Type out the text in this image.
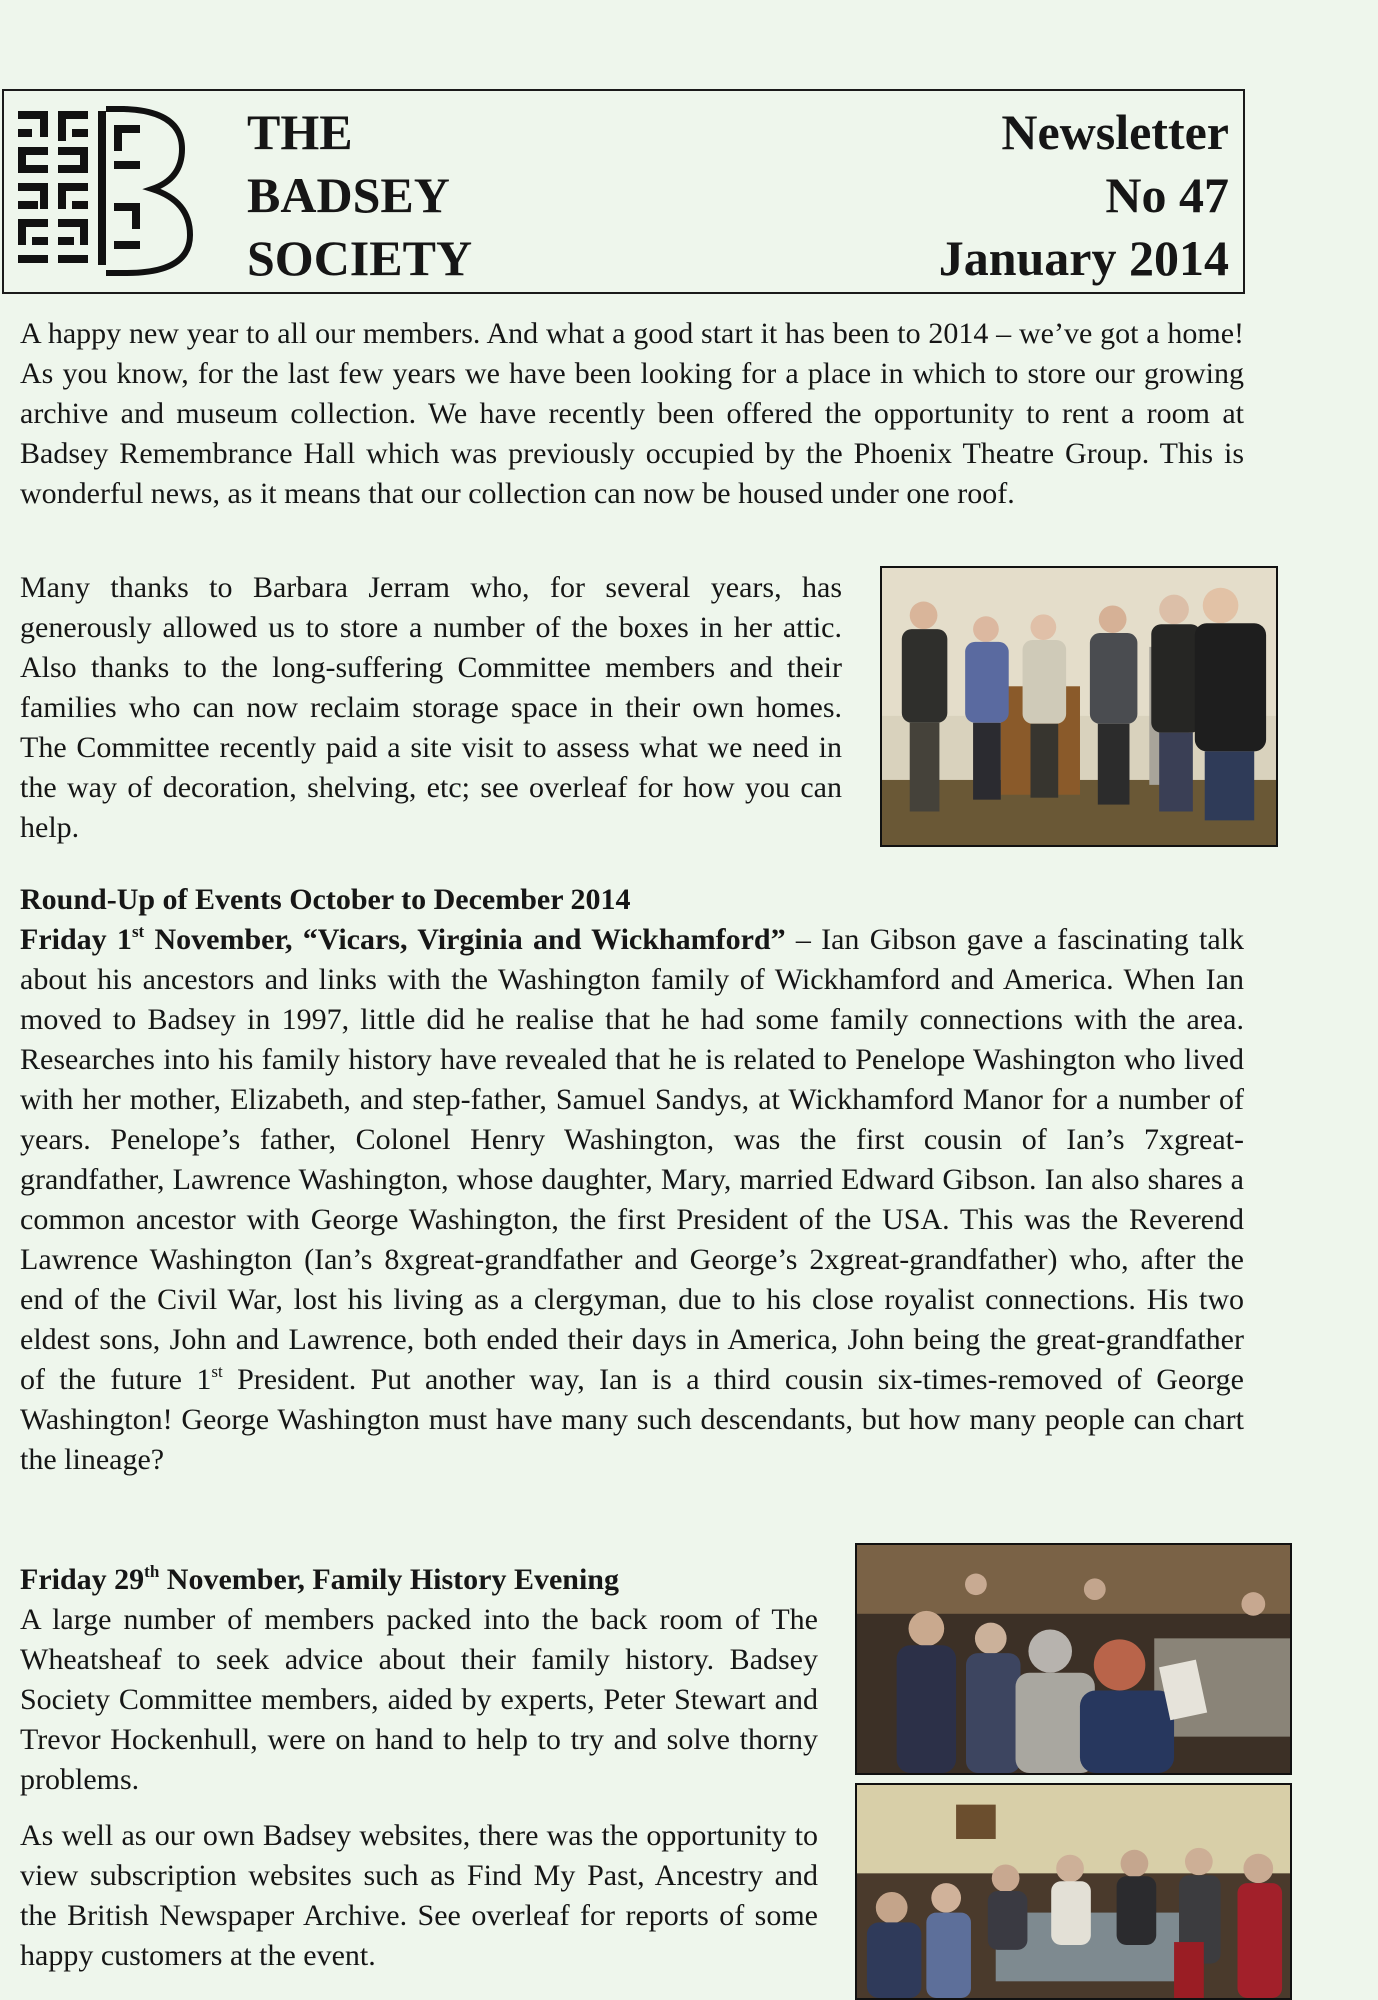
THE
BADSEY
SOCIETY
Newsletter
No 47
January 2014

A happy new year to all our members. And what a good start it has been to 2014 – we’ve got a home! As you know, for the last few years we have been looking for a place in which to store our growing archive and museum collection. We have recently been offered the opportunity to rent a room at Badsey Remembrance Hall which was previously occupied by the Phoenix Theatre Group. This is wonderful news, as it means that our collection can now be housed under one roof.

Many thanks to Barbara Jerram who, for several years, has generously allowed us to store a number of the boxes in her attic. Also thanks to the long-suffering Committee members and their families who can now reclaim storage space in their own homes. The Committee recently paid a site visit to assess what we need in the way of decoration, shelving, etc; see overleaf for how you can help.

Round-Up of Events October to December 2014

Friday 1st November, “Vicars, Virginia and Wickhamford” – Ian Gibson gave a fascinating talk about his ancestors and links with the Washington family of Wickhamford and America. When Ian moved to Badsey in 1997, little did he realise that he had some family connections with the area. Researches into his family history have revealed that he is related to Penelope Washington who lived with her mother, Elizabeth, and step-father, Samuel Sandys, at Wickhamford Manor for a number of years. Penelope’s father, Colonel Henry Washington, was the first cousin of Ian’s 7xgreat-grandfather, Lawrence Washington, whose daughter, Mary, married Edward Gibson. Ian also shares a common ancestor with George Washington, the first President of the USA. This was the Reverend Lawrence Washington (Ian’s 8xgreat-grandfather and George’s 2xgreat-grandfather) who, after the end of the Civil War, lost his living as a clergyman, due to his close royalist connections. His two eldest sons, John and Lawrence, both ended their days in America, John being the great-grandfather of the future 1st President. Put another way, Ian is a third cousin six-times-removed of George Washington! George Washington must have many such descendants, but how many people can chart the lineage?

Friday 29th November, Family History Evening

A large number of members packed into the back room of The Wheatsheaf to seek advice about their family history. Badsey Society Committee members, aided by experts, Peter Stewart and Trevor Hockenhull, were on hand to help to try and solve thorny problems.

As well as our own Badsey websites, there was the opportunity to view subscription websites such as Find My Past, Ancestry and the British Newspaper Archive. See overleaf for reports of some happy customers at the event.
